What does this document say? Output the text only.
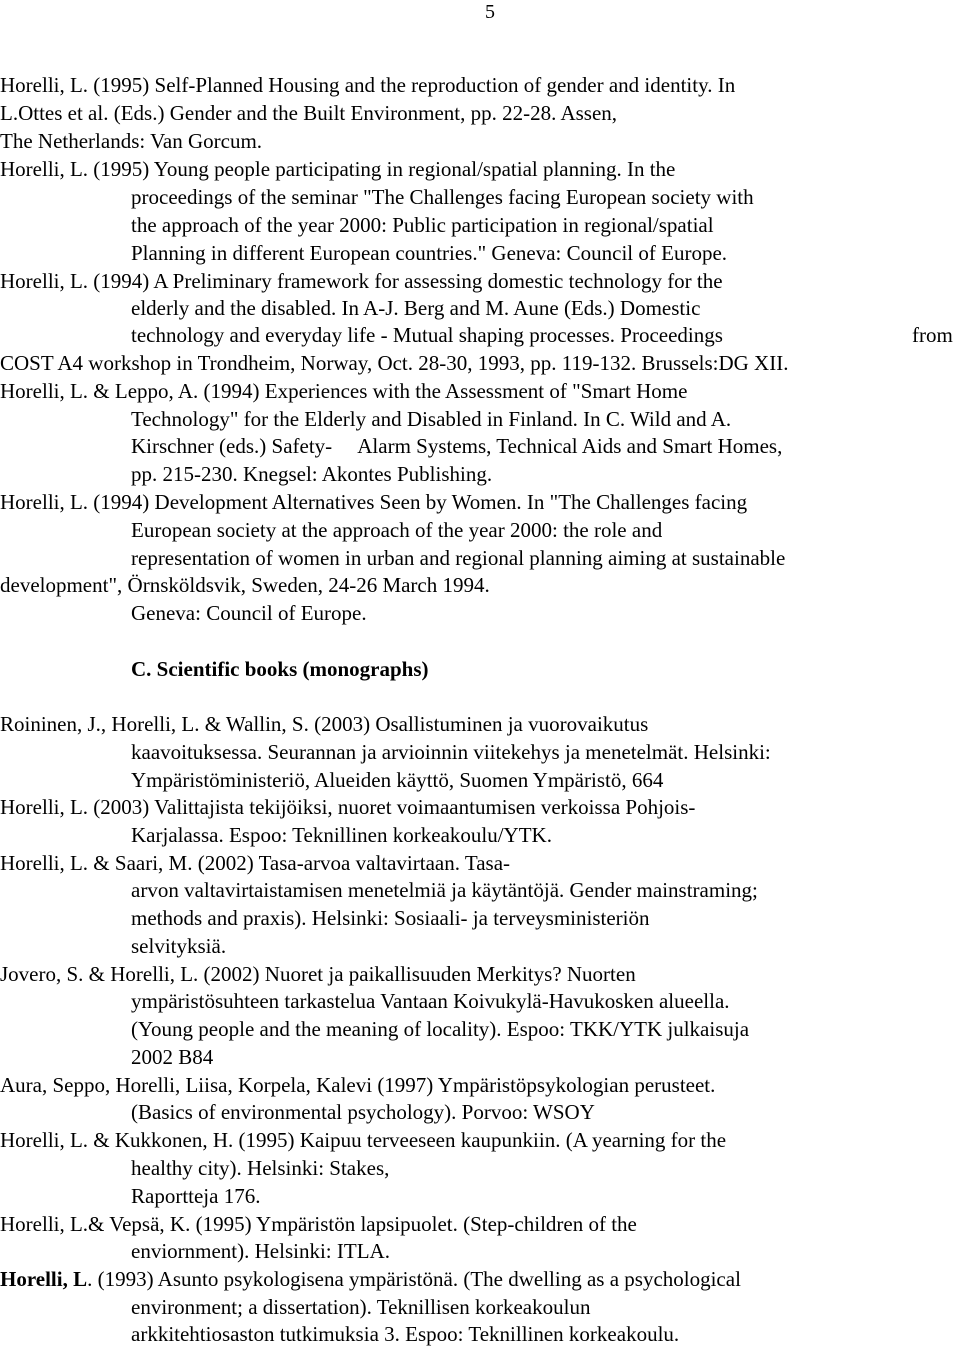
5
Horelli, L. (1995) Self-Planned Housing and the reproduction of gender and identity. In
L.Ottes et al. (Eds.) Gender and the Built Environment, pp. 22-28. Assen,
The Netherlands: Van Gorcum.
Horelli, L. (1995) Young people participating in regional/spatial planning. In the
proceedings of the seminar "The Challenges facing European society with
the approach of the year 2000: Public participation in regional/spatial
Planning in different European countries." Geneva: Council of Europe.
Horelli, L. (1994) A Preliminary framework for assessing domestic technology for the
elderly and the disabled. In A-J. Berg and M. Aune (Eds.) Domestic
technology and everyday life - Mutual shaping processes. Proceedings	from
COST A4 workshop in Trondheim, Norway, Oct. 28-30, 1993, pp. 119-132. Brussels:DG XII.
Horelli, L. & Leppo, A. (1994) Experiences with the Assessment of "Smart Home
Technology" for the Elderly and Disabled in Finland. In C. Wild and A.
Kirschner (eds.) Safety-     Alarm Systems, Technical Aids and Smart Homes,
pp. 215-230. Knegsel: Akontes Publishing.
Horelli, L. (1994) Development Alternatives Seen by Women. In "The Challenges facing
European society at the approach of the year 2000: the role and
representation of women in urban and regional planning aiming at sustainable
development", Örnsköldsvik, Sweden, 24-26 March 1994.
Geneva: Council of Europe.
C. Scientific books (monographs)
Roininen, J., Horelli, L. & Wallin, S. (2003) Osallistuminen ja vuorovaikutus
kaavoituksessa. Seurannan ja arvioinnin viitekehys ja menetelmät. Helsinki:
Ympäristöministeriö, Alueiden käyttö, Suomen Ympäristö, 664
Horelli, L. (2003) Valittajista tekijöiksi, nuoret voimaantumisen verkoissa Pohjois-
Karjalassa. Espoo: Teknillinen korkeakoulu/YTK.
Horelli, L. & Saari, M. (2002) Tasa-arvoa valtavirtaan. Tasa-
arvon valtavirtaistamisen menetelmiä ja käytäntöjä. Gender mainstraming;
methods and praxis). Helsinki: Sosiaali- ja terveysministeriön
selvityksiä.
Jovero, S. & Horelli, L. (2002) Nuoret ja paikallisuuden Merkitys? Nuorten
ympäristösuhteen tarkastelua Vantaan Koivukylä-Havukosken alueella.
(Young people and the meaning of locality). Espoo: TKK/YTK julkaisuja
2002 B84
Aura, Seppo, Horelli, Liisa, Korpela, Kalevi (1997) Ympäristöpsykologian perusteet.
(Basics of environmental psychology). Porvoo: WSOY
Horelli, L. & Kukkonen, H. (1995) Kaipuu terveeseen kaupunkiin. (A yearning for the
healthy city). Helsinki: Stakes,
Raportteja 176.
Horelli, L.& Vepsä, K. (1995) Ympäristön lapsipuolet. (Step-children of the
enviornment). Helsinki: ITLA.
Horelli, L. (1993) Asunto psykologisena ympäristönä. (The dwelling as a psychological
environment; a dissertation). Teknillisen korkeakoulun
arkkitehtiosaston tutkimuksia 3. Espoo: Teknillinen korkeakoulu.
